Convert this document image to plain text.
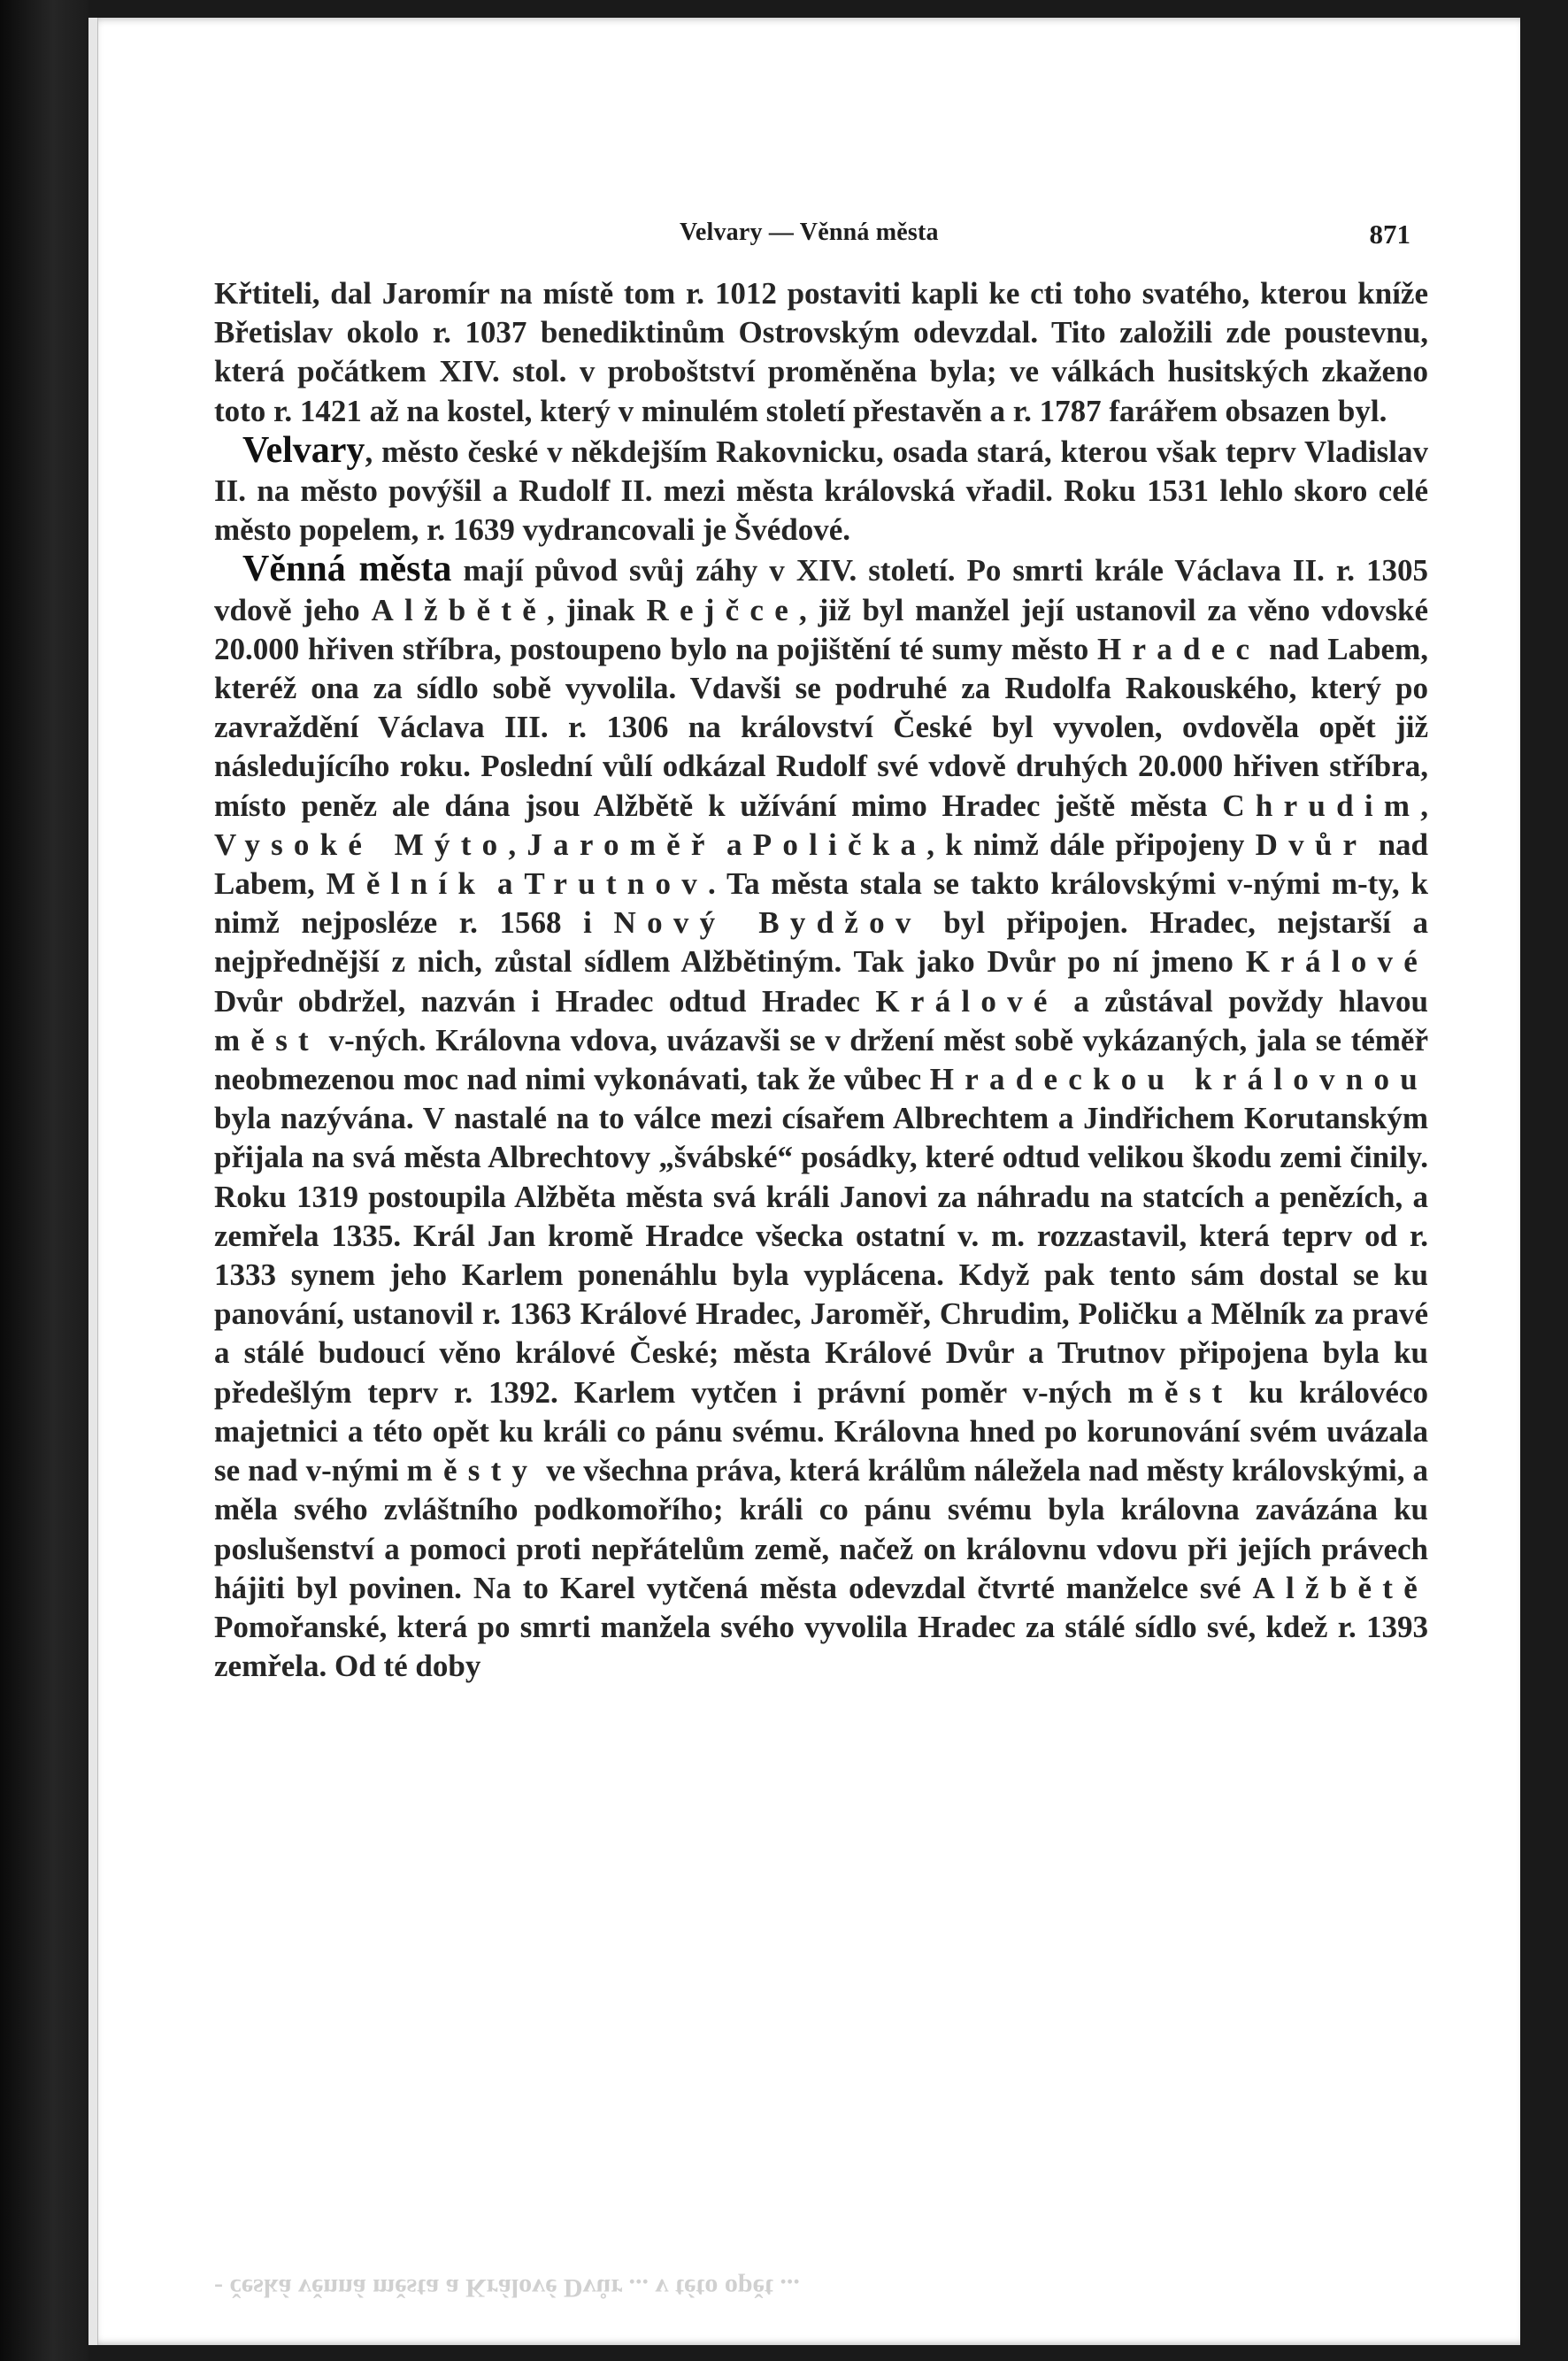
Velvary — Věnná města	871

Křtiteli, dal Jaromír na místě tom r. 1012 postaviti kapli ke cti toho svatého, kterou kníže Břetislav okolo r. 1037 benediktinům Ostrovským odevzdal. Tito založili zde poustevnu, která počátkem XIV. stol. v proboštství proměněna byla; ve válkách husitských zkaženo toto r. 1421 až na kostel, který v minulém století přestavěn a r. 1787 farářem obsazen byl.

Velvary, město české v někdejším Rakovnicku, osada stará, kterou však teprv Vladislav II. na město povýšil a Rudolf II. mezi města královská vřadil. Roku 1531 lehlo skoro celé město popelem, r. 1639 vydrancovali je Švédové.

Věnná města mají původ svůj záhy v XIV. století. Po smrti krále Václava II. r. 1305 vdově jeho Alžbětě, jinak Rejčce, již byl manžel její ustanovil za věno vdovské 20.000 hřiven stříbra, postoupeno bylo na pojištění té sumy město Hradec nad Labem, kteréž ona za sídlo sobě vyvolila. Vdavši se podruhé za Rudolfa Rakouského, který po zavraždění Václava III. r. 1306 na království České byl vyvolen, ovdověla opět již následujícího roku. Poslední vůlí odkázal Rudolf své vdově druhých 20.000 hřiven stříbra, místo peněz ale dána jsou Alžbětě k užívání mimo Hradec ještě města Chrudim, Vysoké Mýto, Jaroměř a Polička, k nimž dále připojeny Dvůr nad Labem, Mělník a Trutnov. Ta města stala se takto královskými v-nými m-ty, k nimž nejposléze r. 1568 i Nový Bydžov byl připojen. Hradec, nejstarší a nejpřednější z nich, zůstal sídlem Alžbětiným. Tak jako Dvůr po ní jmeno Králové Dvůr obdržel, nazván i Hradec odtud Hradec Králové a zůstával povždy hlavou měst v-ných. Královna vdova, uvázavši se v držení měst sobě vykázaných, jala se téměř neobmezenou moc nad nimi vykonávati, tak že vůbec Hradeckou královnou byla nazývána. V nastalé na to válce mezi císařem Albrechtem a Jindřichem Korutanským přijala na svá města Albrechtovy „švábské“ posádky, které odtud velikou škodu zemi činily. Roku 1319 postoupila Alžběta města svá králi Janovi za náhradu na statcích a penězích, a zemřela 1335. Král Jan kromě Hradce všecka ostatní v. m. rozzastavil, která teprv od r. 1333 synem jeho Karlem ponenáhlu byla vyplácena. Když pak tento sám dostal se ku panování, ustanovil r. 1363 Králové Hradec, Jaroměř, Chrudim, Poličku a Mělník za pravé a stálé budoucí věno králové České; města Králové Dvůr a Trutnov připojena byla ku předešlým teprv r. 1392. Karlem vytčen i právní poměr v-ných měst ku královéco majetnici a této opět ku králi co pánu svému. Královna hned po korunování svém uvázala se nad v-nými městy ve všechna práva, která králům náležela nad městy královskými, a měla svého zvláštního podkomořího; králi co pánu svému byla královna zavázána ku poslušenství a pomoci proti nepřátelům země, načež on královnu vdovu při jejích právech hájiti byl povinen. Na to Karel vytčená města odevzdal čtvrté manželce své Alžbětě Pomořanské, která po smrti manžela svého vyvolila Hradec za stálé sídlo své, kdež r. 1393 zemřela. Od té doby

- česká věnná města a Králové Dvůr ... v této opět ...
